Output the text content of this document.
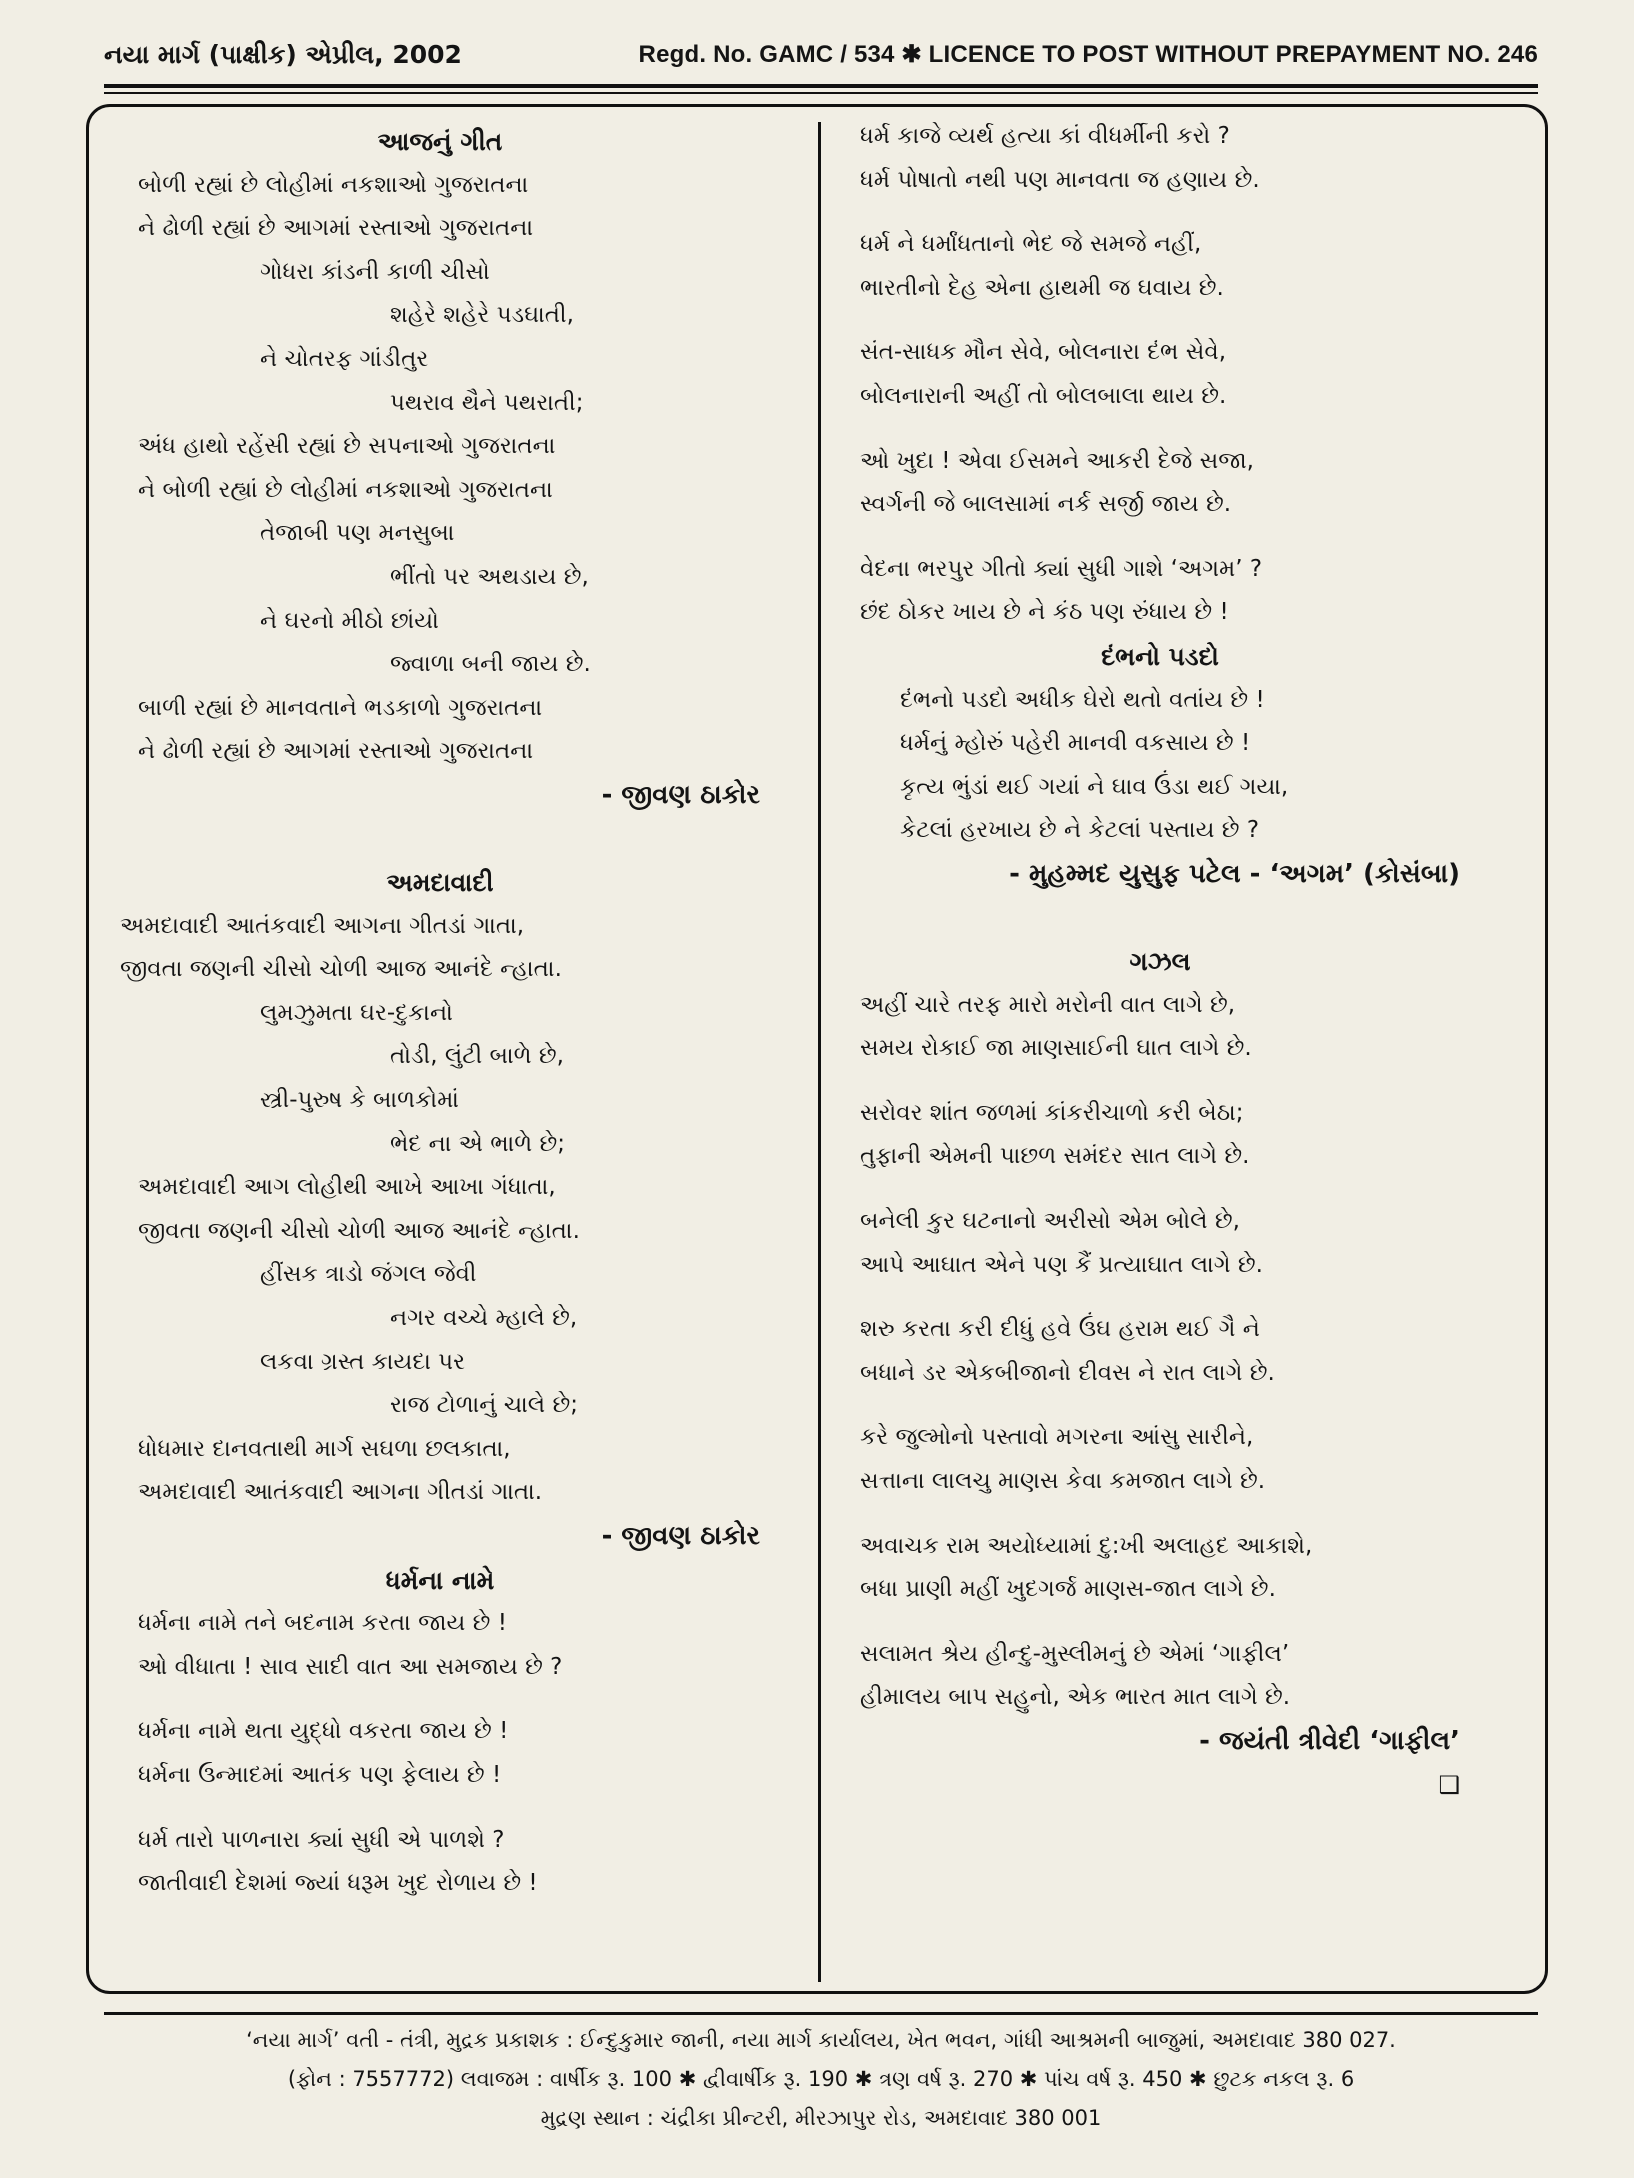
નયા માર્ગ (પાક્ષીક) એપ્રીલ, 2002	Regd. No. GAMC / 534 ✱ LICENCE TO POST WITHOUT PREPAYMENT NO. 246
આજનું ગીત
બોળી રહ્યાં છે લોહીમાં નકશાઓ ગુજરાતના
ને ઢોળી રહ્યાં છે આગમાં રસ્તાઓ ગુજરાતના
ગોધરા કાંડની કાળી ચીસો
શહેરે શહેરે પડઘાતી,
ને ચોતરફ ગાંડીતુર
પથરાવ થૈને પથરાતી;
અંધ હાથો રહેંસી રહ્યાં છે સપનાઓ ગુજરાતના
ને બોળી રહ્યાં છે લોહીમાં નકશાઓ ગુજરાતના
તેજાબી પણ મનસુબા
ભીંતો પર અથડાય છે,
ને ઘરનો મીઠો છાંયો
જ્વાળા બની જાય છે.
બાળી રહ્યાં છે માનવતાને ભડકાળો ગુજરાતના
ને ઢોળી રહ્યાં છે આગમાં રસ્તાઓ ગુજરાતના
- જીવણ ઠાકોર
અમદાવાદી
અમદાવાદી આતંકવાદી આગના ગીતડાં ગાતા,
જીવતા જણની ચીસો ચોળી આજ આનંદે ન્હાતા.
લુમઝુમતા ઘર-દુકાનો
તોડી, લુંટી બાળે છે,
સ્ત્રી-પુરુષ કે બાળકોમાં
ભેદ ના એ ભાળે છે;
અમદાવાદી આગ લોહીથી આખે આખા ગંધાતા,
જીવતા જણની ચીસો ચોળી આજ આનંદે ન્હાતા.
હીંસક ત્રાડો જંગલ જેવી
નગર વચ્ચે મ્હાલે છે,
લકવા ગ્રસ્ત કાયદા પર
રાજ ટોળાનું ચાલે છે;
ધોધમાર દાનવતાથી માર્ગ સઘળા છલકાતા,
અમદાવાદી આતંકવાદી આગના ગીતડાં ગાતા.
- જીવણ ઠાકોર
ધર્મના નામે
ધર્મના નામે તને બદનામ કરતા જાય છે !
ઓ વીધાતા ! સાવ સાદી વાત આ સમજાય છે ?
ધર્મના નામે થતા યુદ્ધો વકરતા જાય છે !
ધર્મના ઉન્માદમાં આતંક પણ ફેલાય છે !
ધર્મ તારો પાળનારા ક્યાં સુધી એ પાળશે ?
જાતીવાદી દેશમાં જ્યાં ધરૂમ ખુદ રોળાય છે !
ધર્મ કાજે વ્યર્થ હત્યા કાં વીધર્મીની કરો ?
ધર્મ પોષાતો નથી પણ માનવતા જ હણાય છે.
ધર્મ ને ધર્માંધતાનો ભેદ જે સમજે નહીં,
ભારતીનો દેહ એના હાથમી જ ઘવાય છે.
સંત-સાધક મૌન સેવે, બોલનારા દંભ સેવે,
બોલનારાની અહીં તો બોલબાલા થાય છે.
ઓ ખુદા ! એવા ઈસમને આકરી દેજે સજા,
સ્વર્ગની જે બાલસામાં નર્ક સર્જી જાય છે.
વેદના ભરપુર ગીતો ક્યાં સુધી ગાશે ‘અગમ’ ?
છંદ ઠોકર ખાય છે ને કંઠ પણ રુંધાય છે !
દંભનો પડદો
દંભનો પડદો અધીક ઘેરો થતો વતાંય છે !
ધર્મનું મ્હોરું પહેરી માનવી વકસાય છે !
કૃત્ય ભુંડાં થઈ ગયાં ને ઘાવ ઉંડા થઈ ગયા,
કેટલાં હરખાય છે ને કેટલાં પસ્તાય છે ?
- મુહમ્મદ યુસુફ પટેલ - ‘અગમ’ (કોસંબા)
ગઝલ
અહીં ચારે તરફ મારો મરોની વાત લાગે છે,
સમય રોકાઈ જા માણસાઈની ઘાત લાગે છે.
સરોવર શાંત જળમાં કાંકરીચાળો કરી બેઠા;
તુફાની એમની પાછળ સમંદર સાત લાગે છે.
બનેલી કુર ઘટનાનો અરીસો એમ બોલે છે,
આપે આઘાત એને પણ કૈં પ્રત્યાઘાત લાગે છે.
શરુ કરતા કરી દીધું હવે ઉંઘ હરામ થઈ ગૈ ને
બધાને ડર એકબીજાનો દીવસ ને રાત લાગે છે.
કરે જુલ્મોનો પસ્તાવો મગરના આંસુ સારીને,
સત્તાના લાલચુ માણસ કેવા કમજાત લાગે છે.
અવાચક રામ અયોધ્યામાં દુ:ખી અલાહદ આકાશે,
બધા પ્રાણી મહીં ખુદગર્જ માણસ-જાત લાગે છે.
સલામત શ્રેય હીન્દુ-મુસ્લીમનું છે એમાં ‘ગાફીલ’
હીમાલય બાપ સહુનો, એક ભારત માત લાગે છે.
- જયંતી ત્રીવેદી ‘ગાફીલ’
❑
‘નયા માર્ગ’ વતી - તંત્રી, મુદ્રક પ્રકાશક : ઈન્દુકુમાર જાની, નયા માર્ગ કાર્યાલય, ખેત ભવન, ગાંધી આશ્રમની બાજુમાં, અમદાવાદ 380 027.
(ફોન : 7557772) લવાજમ : વાર્ષીક રૂ. 100 ✱ દ્વીવાર્ષીક રૂ. 190 ✱ ત્રણ વર્ષ રૂ. 270 ✱ પાંચ વર્ષ રૂ. 450 ✱ છુટક નકલ રૂ. 6
મુદ્રણ સ્થાન : ચંદ્રીકા પ્રીન્ટરી, મીરઝાપુર રોડ, અમદાવાદ 380 001
